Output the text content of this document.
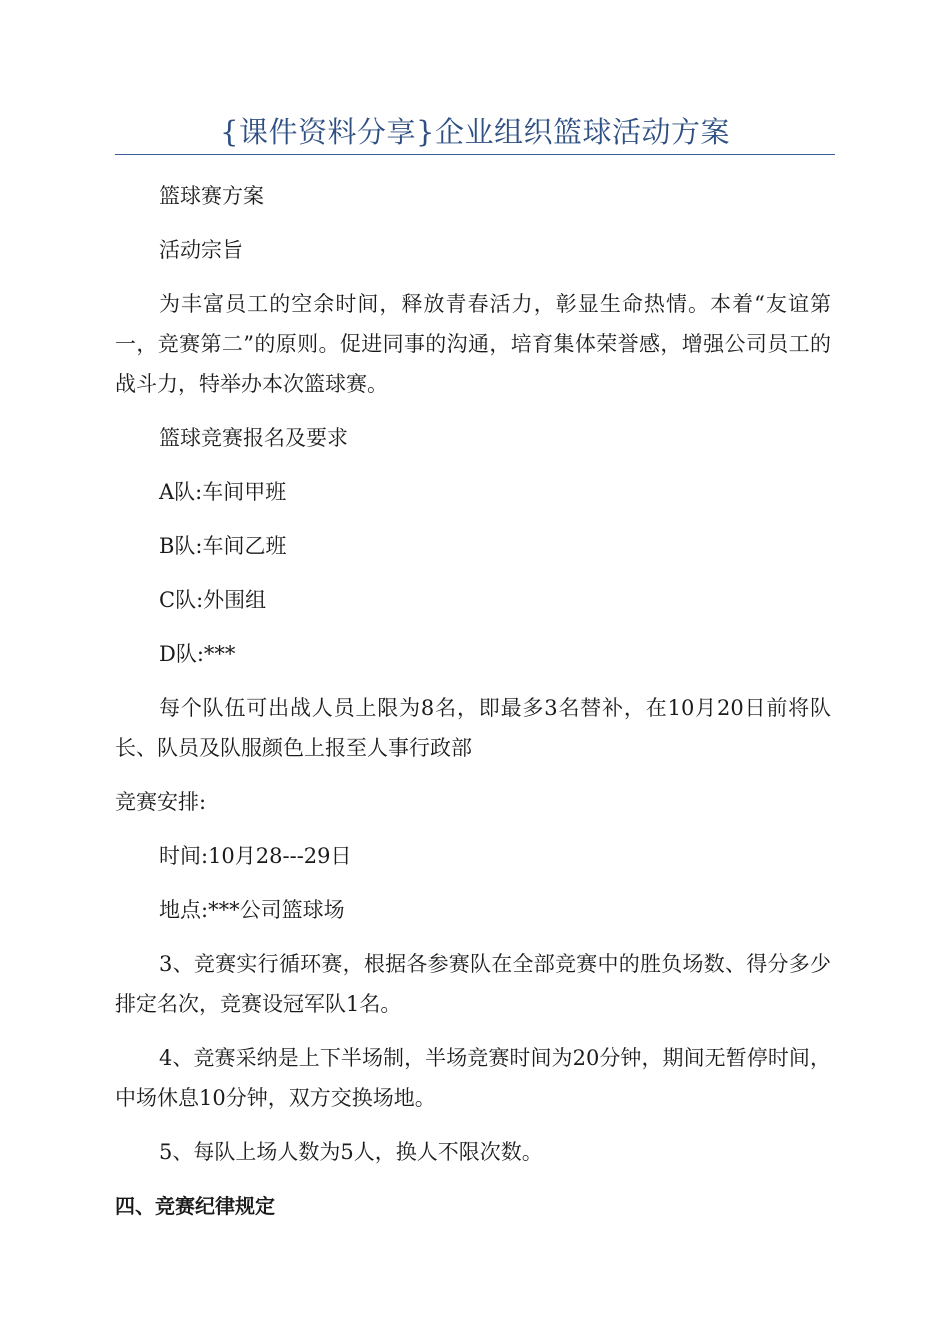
{课件资料分享}企业组织篮球活动方案

篮球赛方案

活动宗旨

为丰富员工的空余时间，释放青春活力，彰显生命热情。本着“友谊第一，竞赛第二”的原则。促进同事的沟通，培育集体荣誉感，增强公司员工的战斗力，特举办本次篮球赛。

篮球竞赛报名及要求

A队:车间甲班

B队:车间乙班

C队:外围组

D队:***

每个队伍可出战人员上限为8名，即最多3名替补，在10月20日前将队长、队员及队服颜色上报至人事行政部

竞赛安排:

时间:10月28---29日

地点:***公司篮球场

3、竞赛实行循环赛，根据各参赛队在全部竞赛中的胜负场数、得分多少排定名次，竞赛设冠军队1名。

4、竞赛采纳是上下半场制，半场竞赛时间为20分钟，期间无暂停时间，中场休息10分钟，双方交换场地。

5、每队上场人数为5人，换人不限次数。

四、竞赛纪律规定
